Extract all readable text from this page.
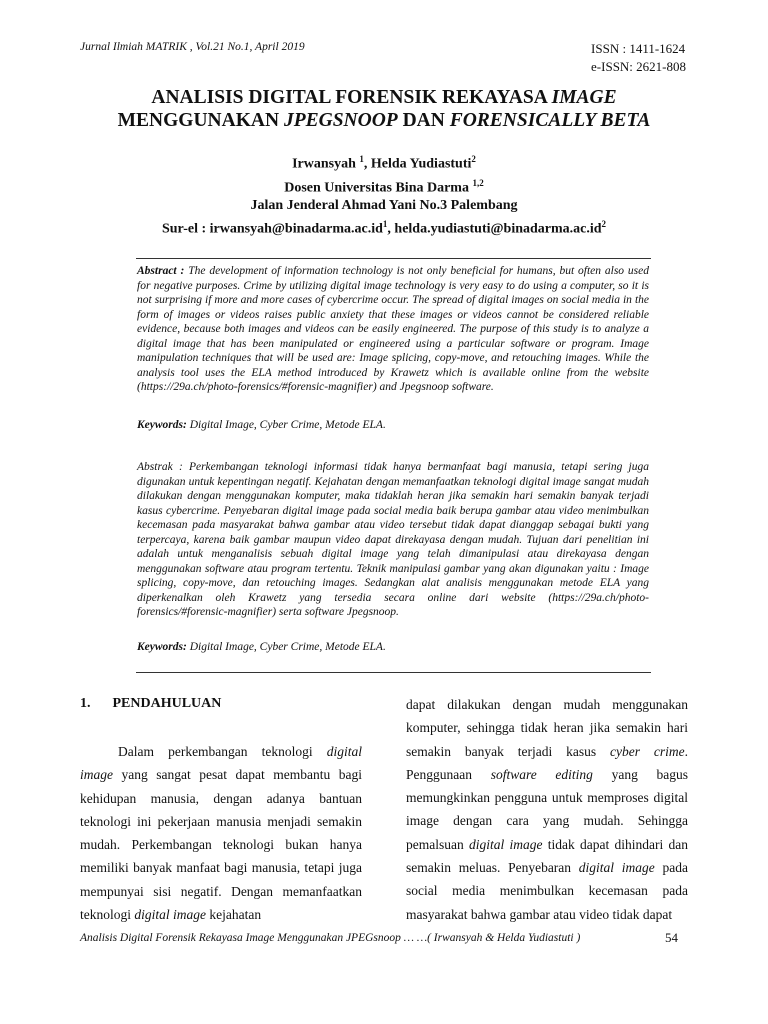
Jurnal Ilmiah MATRIK , Vol.21 No.1, April 2019	ISSN : 1411-1624
e-ISSN: 2621-808
ANALISIS DIGITAL FORENSIK REKAYASA IMAGE
MENGGUNAKAN JPEGSNOOP DAN FORENSICALLY BETA
Irwansyah $^1$, Helda Yudiastuti$^2$
Dosen Universitas Bina Darma $^{1,2}$
Jalan Jenderal Ahmad Yani No.3 Palembang
Sur-el : $irwansyah@binadarma.ac.id^1$, $helda.yudiastuti@binadarma.ac.id^2$
Abstract : The development of information technology is not only beneficial for humans, but often also used for negative purposes. Crime by utilizing digital image technology is very easy to do using a computer, so it is not surprising if more and more cases of cybercrime occur. The spread of digital images on social media in the form of images or videos raises public anxiety that these images or videos cannot be considered reliable evidence, because both images and videos can be easily engineered. The purpose of this study is to analyze a digital image that has been manipulated or engineered using a particular software or program. Image manipulation techniques that will be used are: Image splicing, copy-move, and retouching images. While the analysis tool uses the ELA method introduced by Krawetz which is available online from the website (https://29a.ch/photo-forensics/#forensic-magnifier) and Jpegsnoop software.
Keywords: Digital Image, Cyber Crime, Metode ELA.
Abstrak : Perkembangan teknologi informasi tidak hanya bermanfaat bagi manusia, tetapi sering juga digunakan untuk kepentingan negatif. Kejahatan dengan memanfaatkan teknologi digital image sangat mudah dilakukan dengan menggunakan komputer, maka tidaklah heran jika semakin hari semakin banyak terjadi kasus cybercrime. Penyebaran digital image pada social media baik berupa gambar atau video menimbulkan kecemasan pada masyarakat bahwa gambar atau video tersebut tidak dapat dianggap sebagai bukti yang terpercaya, karena baik gambar maupun video dapat direkayasa dengan mudah. Tujuan dari penelitian ini adalah untuk menganalisis sebuah digital image yang telah dimanipulasi atau direkayasa dengan menggunakan software atau program tertentu. Teknik manipulasi gambar yang akan digunakan yaitu : Image splicing, copy-move, dan retouching images. Sedangkan alat analisis menggunakan metode ELA yang diperkenalkan oleh Krawetz yang tersedia secara online dari website (https://29a.ch/photo-forensics/#forensic-magnifier) serta software Jpegsnoop.
Keywords: Digital Image, Cyber Crime, Metode ELA.
1. PENDAHULUAN
Dalam perkembangan teknologi digital image yang sangat pesat dapat membantu bagi kehidupan manusia, dengan adanya bantuan teknologi ini pekerjaan manusia menjadi semakin mudah. Perkembangan teknologi bukan hanya memiliki banyak manfaat bagi manusia, tetapi juga mempunyai sisi negatif. Dengan memanfaatkan teknologi digital image kejahatan
dapat dilakukan dengan mudah menggunakan komputer, sehingga tidak heran jika semakin hari semakin banyak terjadi kasus cyber crime. Penggunaan software editing yang bagus memungkinkan pengguna untuk memproses digital image dengan cara yang mudah. Sehingga pemalsuan digital image tidak dapat dihindari dan semakin meluas. Penyebaran digital image pada social media menimbulkan kecemasan pada masyarakat bahwa gambar atau video tidak dapat
Analisis Digital Forensik Rekayasa Image Menggunakan JPEGsnoop … …( Irwansyah & Helda Yudiastuti )	54
